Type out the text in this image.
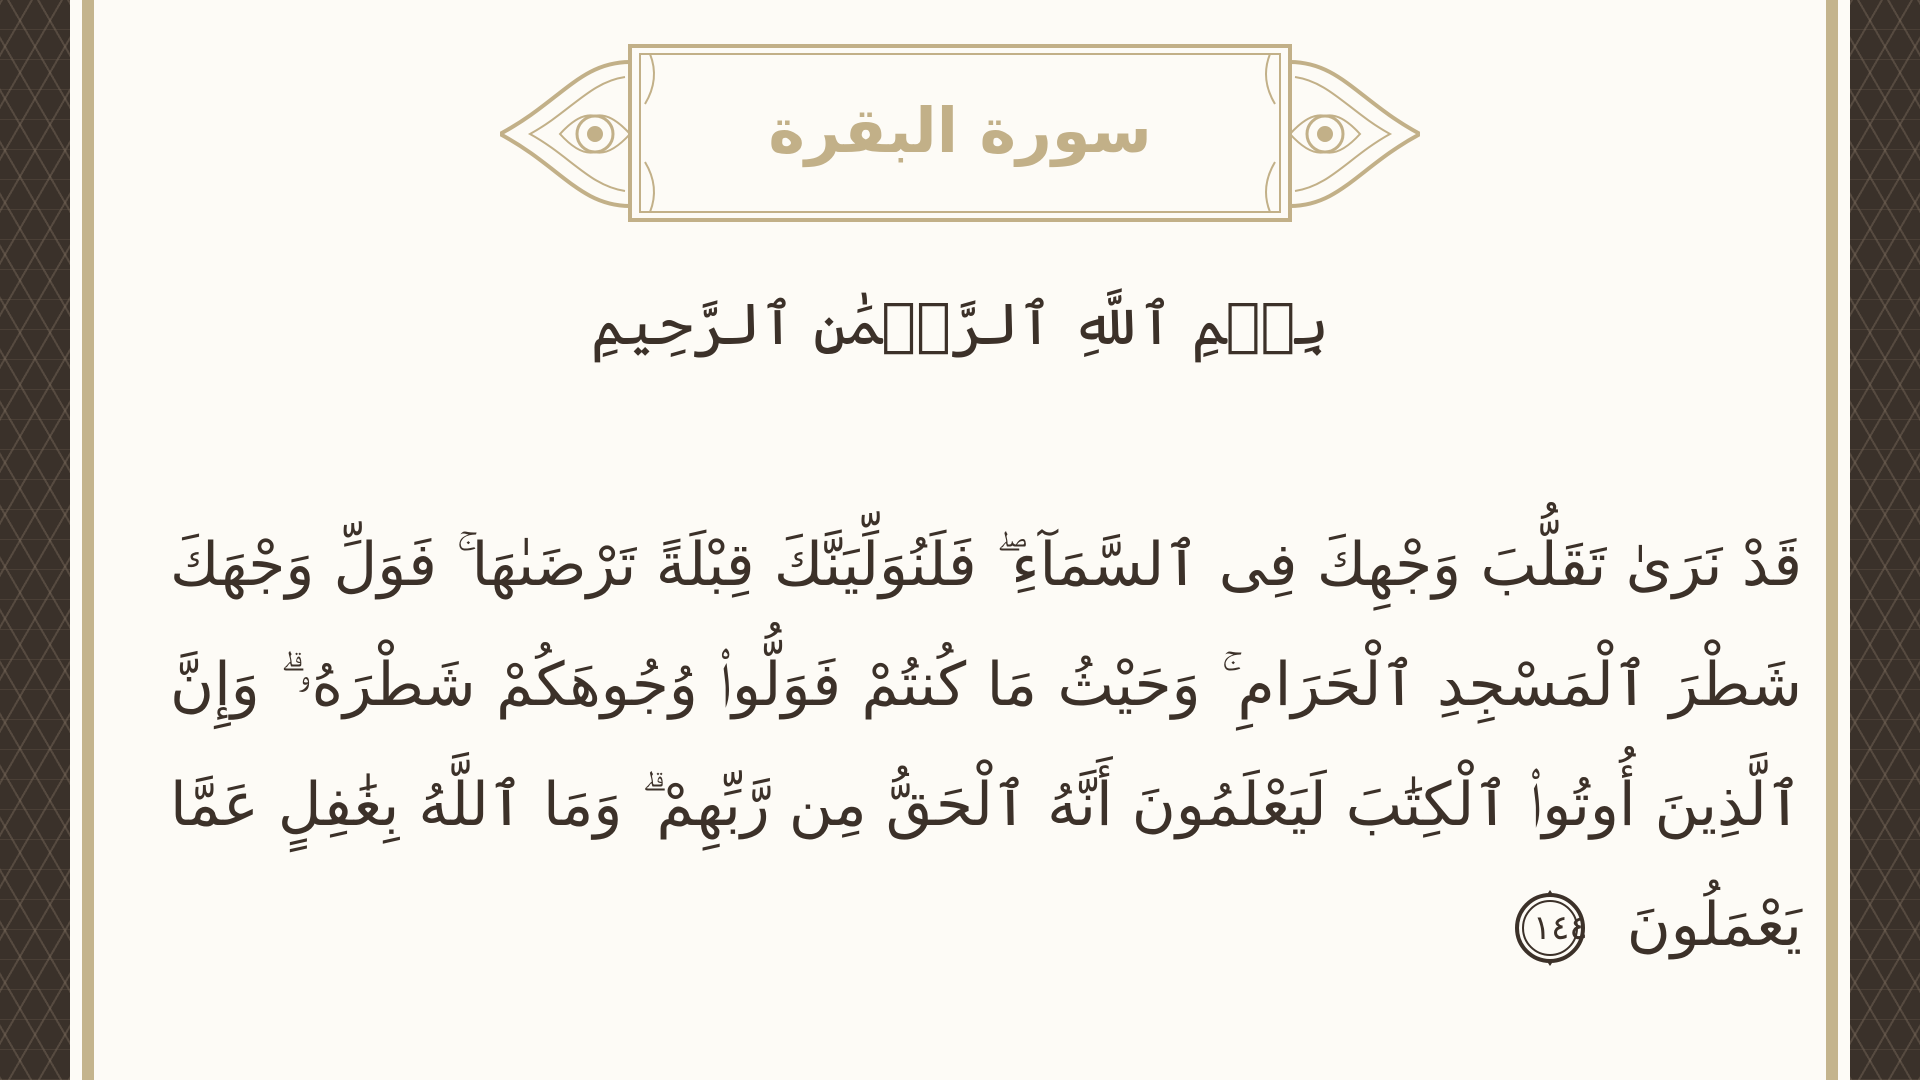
سورة البقرة
بِسۡمِ ٱللَّهِ ٱلرَّحۡمَٰنِ ٱلرَّحِيمِ
قَدْ نَرَىٰ تَقَلُّبَ وَجْهِكَ فِى ٱلسَّمَآءِ ۖ فَلَنُوَلِّيَنَّكَ قِبْلَةً تَرْضَىٰهَا ۚ فَوَلِّ وَجْهَكَ شَطْرَ ٱلْمَسْجِدِ ٱلْحَرَامِ ۚ وَحَيْثُ مَا كُنتُمْ فَوَلُّوا۟ وُجُوهَكُمْ شَطْرَهُۥ ۗ وَإِنَّ ٱلَّذِينَ أُوتُوا۟ ٱلْكِتَٰبَ لَيَعْلَمُونَ أَنَّهُ ٱلْحَقُّ مِن رَّبِّهِمْ ۗ وَمَا ٱللَّهُ بِغَٰفِلٍ عَمَّا يَعْمَلُونَ
١٤٤
